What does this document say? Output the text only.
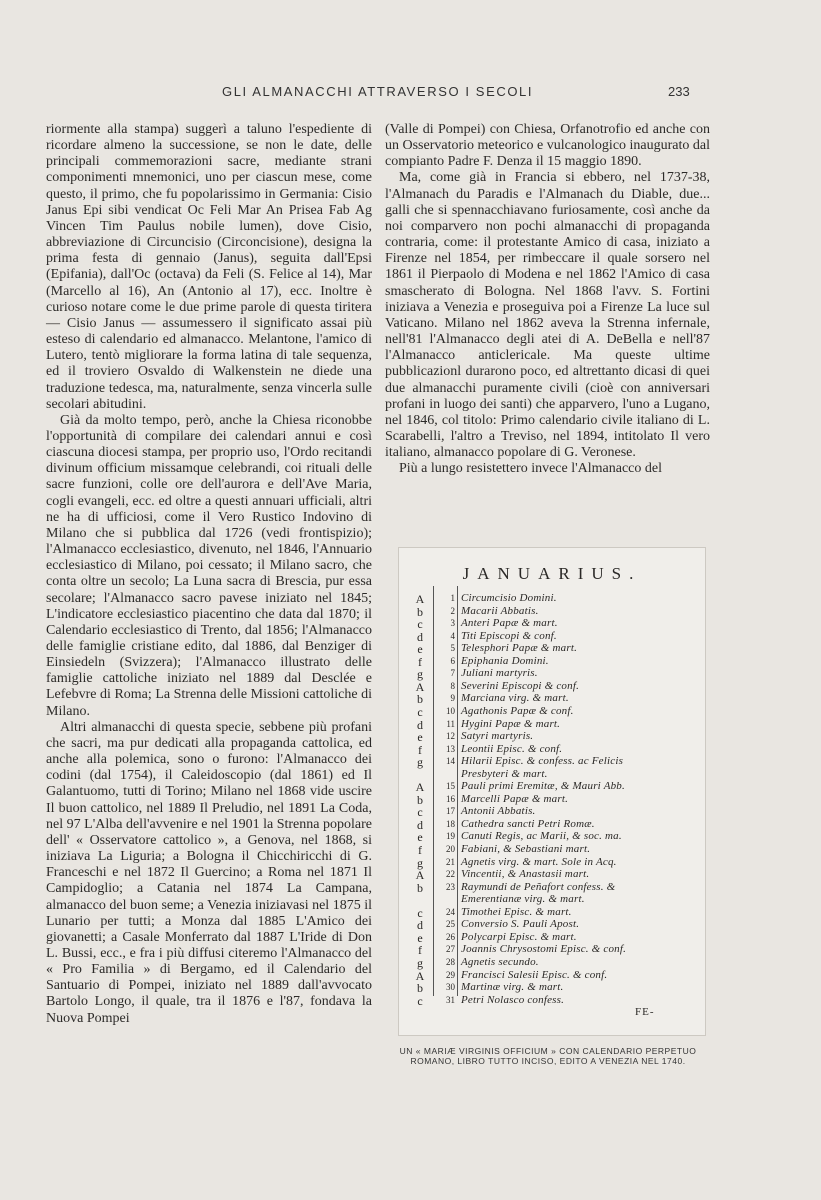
GLI ALMANACCHI ATTRAVERSO I SECOLI	233

riormente alla stampa) suggerì a taluno l'espediente di ricordare almeno la successione, se non le date, delle principali commemorazioni sacre, mediante strani componimenti mnemonici, uno per ciascun mese, come questo, il primo, che fu popolarissimo in Germania: Cisio Janus Epi sibi vendicat Oc Feli Mar An Prisea Fab Ag Vincen Tim Paulus nobile lumen), dove Cisio, abbreviazione di Circuncisio (Circoncisione), designa la prima festa di gennaio (Janus), seguita dall'Epsi (Epifania), dall'Oc (octava) da Feli (S. Felice al 14), Mar (Marcello al 16), An (Antonio al 17), ecc. Inoltre è curioso notare come le due prime parole di questa tiritera — Cisio Janus — assumessero il significato assai più esteso di calendario ed almanacco. Melantone, l'amico di Lutero, tentò migliorare la forma latina di tale sequenza, ed il troviero Osvaldo di Walkenstein ne diede una traduzione tedesca, ma, naturalmente, senza vincerla sulle secolari abitudini.

Già da molto tempo, però, anche la Chiesa riconobbe l'opportunità di compilare dei calendari annui e così ciascuna diocesi stampa, per proprio uso, l'Ordo recitandi divinum officium missamque celebrandi, coi rituali delle sacre funzioni, colle ore dell'aurora e dell'Ave Maria, cogli evangeli, ecc. ed oltre a questi annuari ufficiali, altri ne ha di ufficiosi, come il Vero Rustico Indovino di Milano che si pubblica dal 1726 (vedi frontispizio); l'Almanacco ecclesiastico, divenuto, nel 1846, l'Annuario ecclesiastico di Milano, poi cessato; il Milano sacro, che conta oltre un secolo; La Luna sacra di Brescia, pur essa secolare; l'Almanacco sacro pavese iniziato nel 1845; L'indicatore ecclesiastico piacentino che data dal 1870; il Calendario ecclesiastico di Trento, dal 1856; l'Almanacco delle famiglie cristiane edito, dal 1886, dal Benziger di Einsiedeln (Svizzera); l'Almanacco illustrato delle famiglie cattoliche iniziato nel 1889 dal Desclée e Lefebvre di Roma; La Strenna delle Missioni cattoliche di Milano.

Altri almanacchi di questa specie, sebbene più profani che sacri, ma pur dedicati alla propaganda cattolica, ed anche alla polemica, sono o furono: l'Almanacco dei codini (dal 1754), il Caleidoscopio (dal 1861) ed Il Galantuomo, tutti di Torino; Milano nel 1868 vide uscire Il buon cattolico, nel 1889 Il Preludio, nel 1891 La Coda, nel 97 L'Alba dell'avvenire e nel 1901 la Strenna popolare dell' « Osservatore cattolico », a Genova, nel 1868, si iniziava La Liguria; a Bologna il Chicchiricchi di G. Franceschi e nel 1872 Il Guercino; a Roma nel 1871 Il Campidoglio; a Catania nel 1874 La Campana, almanacco del buon seme; a Venezia iniziavasi nel 1875 il Lunario per tutti; a Monza dal 1885 L'Amico dei giovanetti; a Casale Monferrato dal 1887 L'Iride di Don L. Bussi, ecc., e fra i più diffusi citeremo l'Almanacco del « Pro Familia » di Bergamo, ed il Calendario del Santuario di Pompei, iniziato nel 1889 dall'avvocato Bartolo Longo, il quale, tra il 1876 e l'87, fondava la Nuova Pompei

(Valle di Pompei) con Chiesa, Orfanotrofio ed anche con un Osservatorio meteorico e vulcanologico inaugurato dal compianto Padre F. Denza il 15 maggio 1890.

Ma, come già in Francia si ebbero, nel 1737-38, l'Almanach du Paradis e l'Almanach du Diable, due... galli che si spennacchiavano furiosamente, così anche da noi comparvero non pochi almanacchi di propaganda contraria, come: il protestante Amico di casa, iniziato a Firenze nel 1854, per rimbeccare il quale sorsero nel 1861 il Pierpaolo di Modena e nel 1862 l'Amico di casa smascherato di Bologna. Nel 1868 l'avv. S. Fortini iniziava a Venezia e proseguiva poi a Firenze La luce sul Vaticano. Milano nel 1862 aveva la Strenna infernale, nell'81 l'Almanacco degli atei di A. DeBella e nell'87 l'Almanacco anticlericale. Ma queste ultime pubblicazionl durarono poco, ed altrettanto dicasi di quei due almanacchi puramente civili (cioè con anniversari profani in luogo dei santi) che apparvero, l'uno a Lugano, nel 1846, col titolo: Primo calendario civile italiano di L. Scarabelli, l'altro a Treviso, nel 1894, intitolato Il vero italiano, almanacco popolare di G. Veronese.

Più a lungo resistettero invece l'Almanacco del

JANUARIUS.
A	1 Circumcisio Domini.
b	2 Macarii Abbatis.
c	3 Anteri Papæ & mart.
d	4 Titi Episcopi & conf.
e	5 Telesphori Papæ & mart.
f	6 Epiphania Domini.
g	7 Juliani martyris.
A	8 Severini Episcopi & conf.
b	9 Marciana virg. & mart.
c	10 Agathonis Papæ & conf.
d	11 Hygini Papæ & mart.
e	12 Satyri martyris.
f	13 Leontii Episc. & conf.
g	14 Hilarii Episc. & confess. ac Felicis
Presbyteri & mart.
A	15 Pauli primi Eremitæ, & Mauri Abb.
b	16 Marcelli Papæ & mart.
c	17 Antonii Abbatis.
d	18 Cathedra sancti Petri Romæ.
e	19 Canuti Regis, ac Marii, & soc. ma.
f	20 Fabiani, & Sebastiani mart.
g	21 Agnetis virg. & mart. Sole in Acq.
A	22 Vincentii, & Anastasii mart.
b	23 Raymundi de Peñafort confess. &
Emerentianæ virg. & mart.
c	24 Timothei Episc. & mart.
d	25 Conversio S. Pauli Apost.
e	26 Polycarpi Episc. & mart.
f	27 Joannis Chrysostomi Episc. & conf.
g	28 Agnetis secundo.
A	29 Francisci Salesii Episc. & conf.
b	30 Martinæ virg. & mart.
c	31 Petri Nolasco confess.
FE-
UN « MARIÆ VIRGINIS OFFICIUM » CON CALENDARIO PERPETUO
ROMANO, LIBRO TUTTO INCISO, EDITO A VENEZIA NEL 1740.
